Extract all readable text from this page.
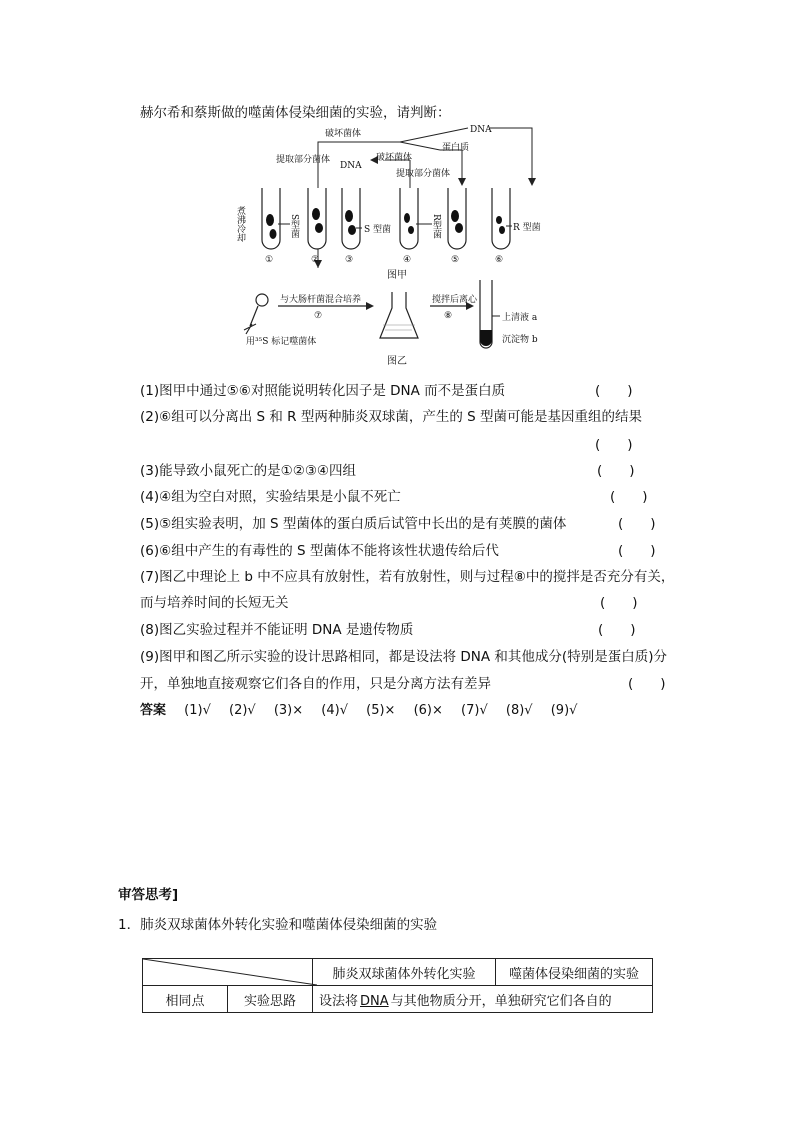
赫尔希和蔡斯做的噬菌体侵染细菌的实验，请判断：
破坏菌体	DNA
蛋白质
提取部分菌体
DNA
破坏菌体
提取部分菌体
煮沸冷却	S型菌	R型菌
S 型菌	R 型菌
①	②	③	④	⑤	⑥
图甲
与大肠杆菌混合培养
⑦
搅拌后离心
⑧	上清液 a
沉淀物 b
用³⁵S 标记噬菌体
图乙
(1)图甲中通过⑤⑥对照能说明转化因子是 DNA 而不是蛋白质	(　　)
(2)⑥组可以分离出 S 和 R 型两种肺炎双球菌，产生的 S 型菌可能是基因重组的结果
(　　)
(3)能导致小鼠死亡的是①②③④四组	(　　)
(4)④组为空白对照，实验结果是小鼠不死亡	(　　)
(5)⑤组实验表明，加 S 型菌体的蛋白质后试管中长出的是有荚膜的菌体	(　　)
(6)⑥组中产生的有毒性的 S 型菌体不能将该性状遗传给后代	(　　)
(7)图乙中理论上 b 中不应具有放射性，若有放射性，则与过程⑧中的搅拌是否充分有关，
而与培养时间的长短无关	(　　)
(8)图乙实验过程并不能证明 DNA 是遗传物质	(　　)
(9)图甲和图乙所示实验的设计思路相同，都是设法将 DNA 和其他成分(特别是蛋白质)分
开，单独地直接观察它们各自的作用，只是分离方法有差异	(　　)
答案 (1)√ (2)√ (3)× (4)√ (5)× (6)× (7)√ (8)√ (9)√
审答思考]
1．肺炎双球菌体外转化实验和噬菌体侵染细菌的实验
	肺炎双球菌体外转化实验	噬菌体侵染细菌的实验
相同点	实验思路	设法将 DNA 与其他物质分开，单独研究它们各自的	
